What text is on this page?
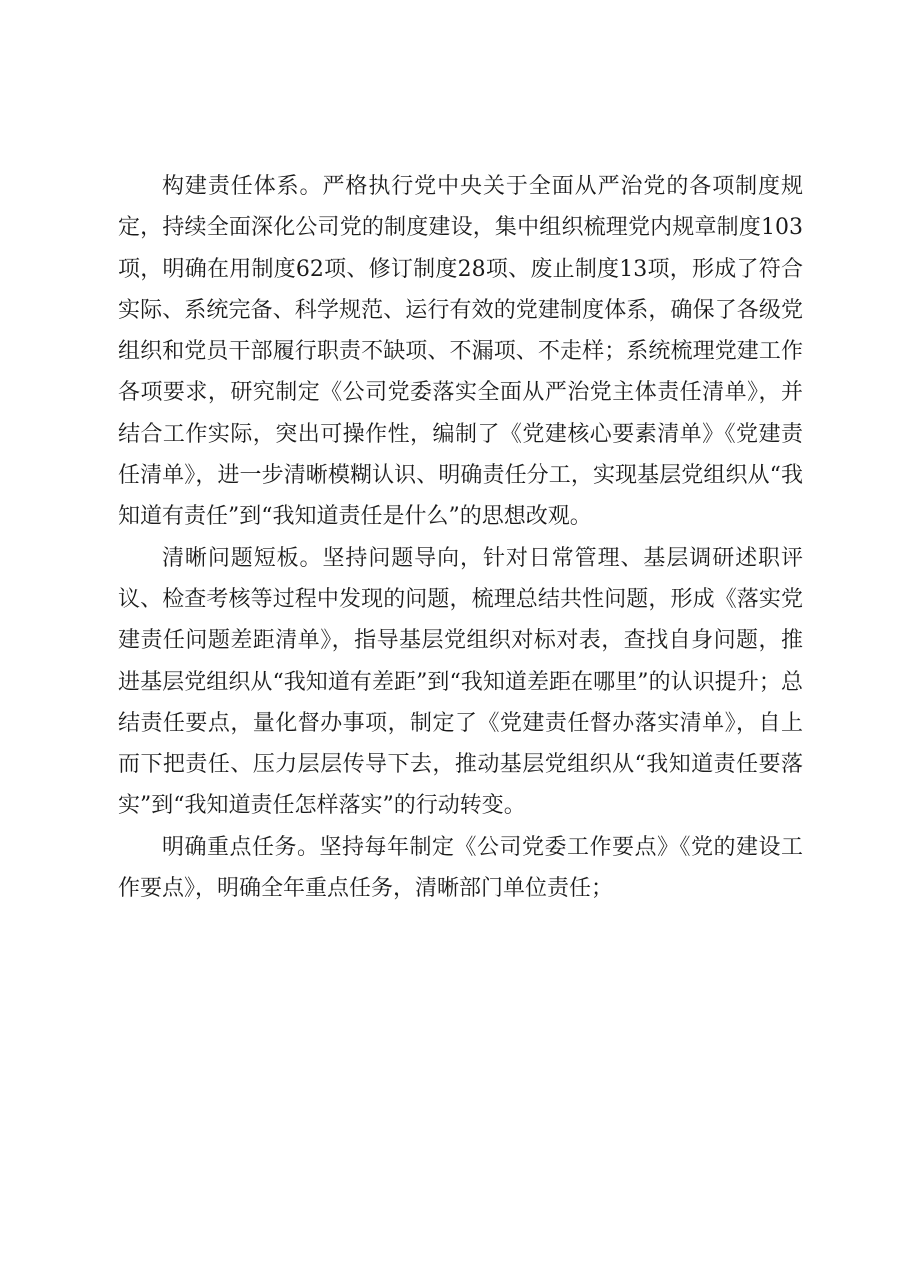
构建责任体系。严格执行党中央关于全面从严治党的各项制度规定，持续全面深化公司党的制度建设，集中组织梳理党内规章制度103项，明确在用制度62项、修订制度28项、废止制度13项，形成了符合实际、系统完备、科学规范、运行有效的党建制度体系，确保了各级党组织和党员干部履行职责不缺项、不漏项、不走样；系统梳理党建工作各项要求，研究制定《公司党委落实全面从严治党主体责任清单》，并结合工作实际，突出可操作性，编制了《党建核心要素清单》《党建责任清单》，进一步清晰模糊认识、明确责任分工，实现基层党组织从“我知道有责任”到“我知道责任是什么”的思想改观。

清晰问题短板。坚持问题导向，针对日常管理、基层调研述职评议、检查考核等过程中发现的问题，梳理总结共性问题，形成《落实党建责任问题差距清单》，指导基层党组织对标对表，查找自身问题，推进基层党组织从“我知道有差距”到“我知道差距在哪里”的认识提升；总结责任要点，量化督办事项，制定了《党建责任督办落实清单》，自上而下把责任、压力层层传导下去，推动基层党组织从“我知道责任要落实”到“我知道责任怎样落实”的行动转变。

明确重点任务。坚持每年制定《公司党委工作要点》《党的建设工作要点》，明确全年重点任务，清晰部门单位责任；
